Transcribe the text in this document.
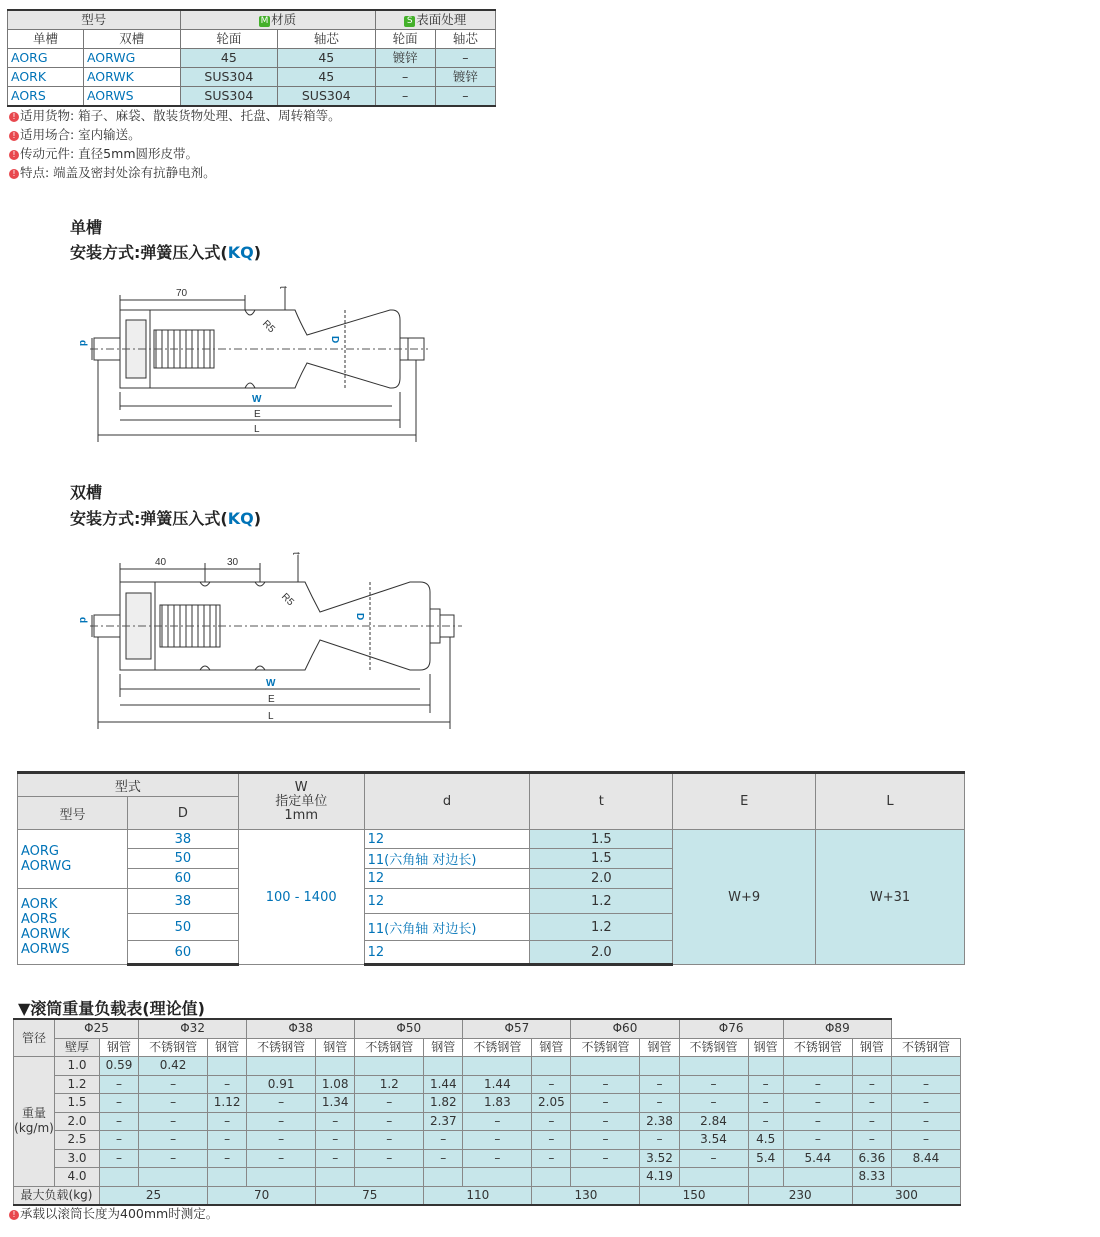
型号		M 材质		S 表面处理	
单槽	双槽	轮面	轴芯	轮面	轴芯
AORG	AORWG	45	45	镀锌	–
AORK	AORWK	SUS304	45	–	镀锌
AORS	AORWS	SUS304	SUS304	–	–
! 适用货物: 箱子、麻袋、散装货物处理、托盘、周转箱等。
! 适用场合: 室内输送。
! 传动元件: 直径5mm圆形皮带。
! 特点: 端盖及密封处涂有抗静电剂。
单槽
安装方式:弹簧压入式(KQ)
70
t
R5
D
d
W
E
L
双槽
安装方式:弹簧压入式(KQ)
40	30
t
R5
D
d
W
E
L
型式		W
指定单位
1mm	d	t	E	L
型号	D					

AORG
AORWG	38	100 - 1400	12	1.5	W+9	W+31
	50		11(六角轴 对边长)	1.5		
	60		12	2.0		

AORK
AORS
AORWK
AORWS	38		12	1.2		
	50		11(六角轴 对边长)	1.2		
	60		12	2.0		
▼滚筒重量负载表(理论值)
管径	Φ25		Φ32		Φ38		Φ50		Φ57		Φ60		Φ76		Φ89		
	壁厚	钢管	不锈钢管	钢管	不锈钢管	钢管	不锈钢管	钢管	不锈钢管	钢管	不锈钢管	钢管	不锈钢管	钢管	不锈钢管	钢管	不锈钢管

重量
(kg/m)	1.0	0.59	0.42														
	1.2	–	–	–	0.91	1.08	1.2	1.44	1.44	–	–	–	–	–	–	–	–
	1.5	–	–	1.12	–	1.34	–	1.82	1.83	2.05	–	–	–	–	–	–	–
	2.0	–	–	–	–	–	–	2.37	–	–	–	2.38	2.84	–	–	–	–
	2.5	–	–	–	–	–	–	–	–	–	–	–	3.54	4.5	–	–	–
	3.0	–	–	–	–	–	–	–	–	–	–	3.52	–	5.4	5.44	6.36	8.44
	4.0											4.19				8.33	
最大负载(kg)		25		70		75		110		130		150		230		300	
! 承载以滚筒长度为400mm时测定。
